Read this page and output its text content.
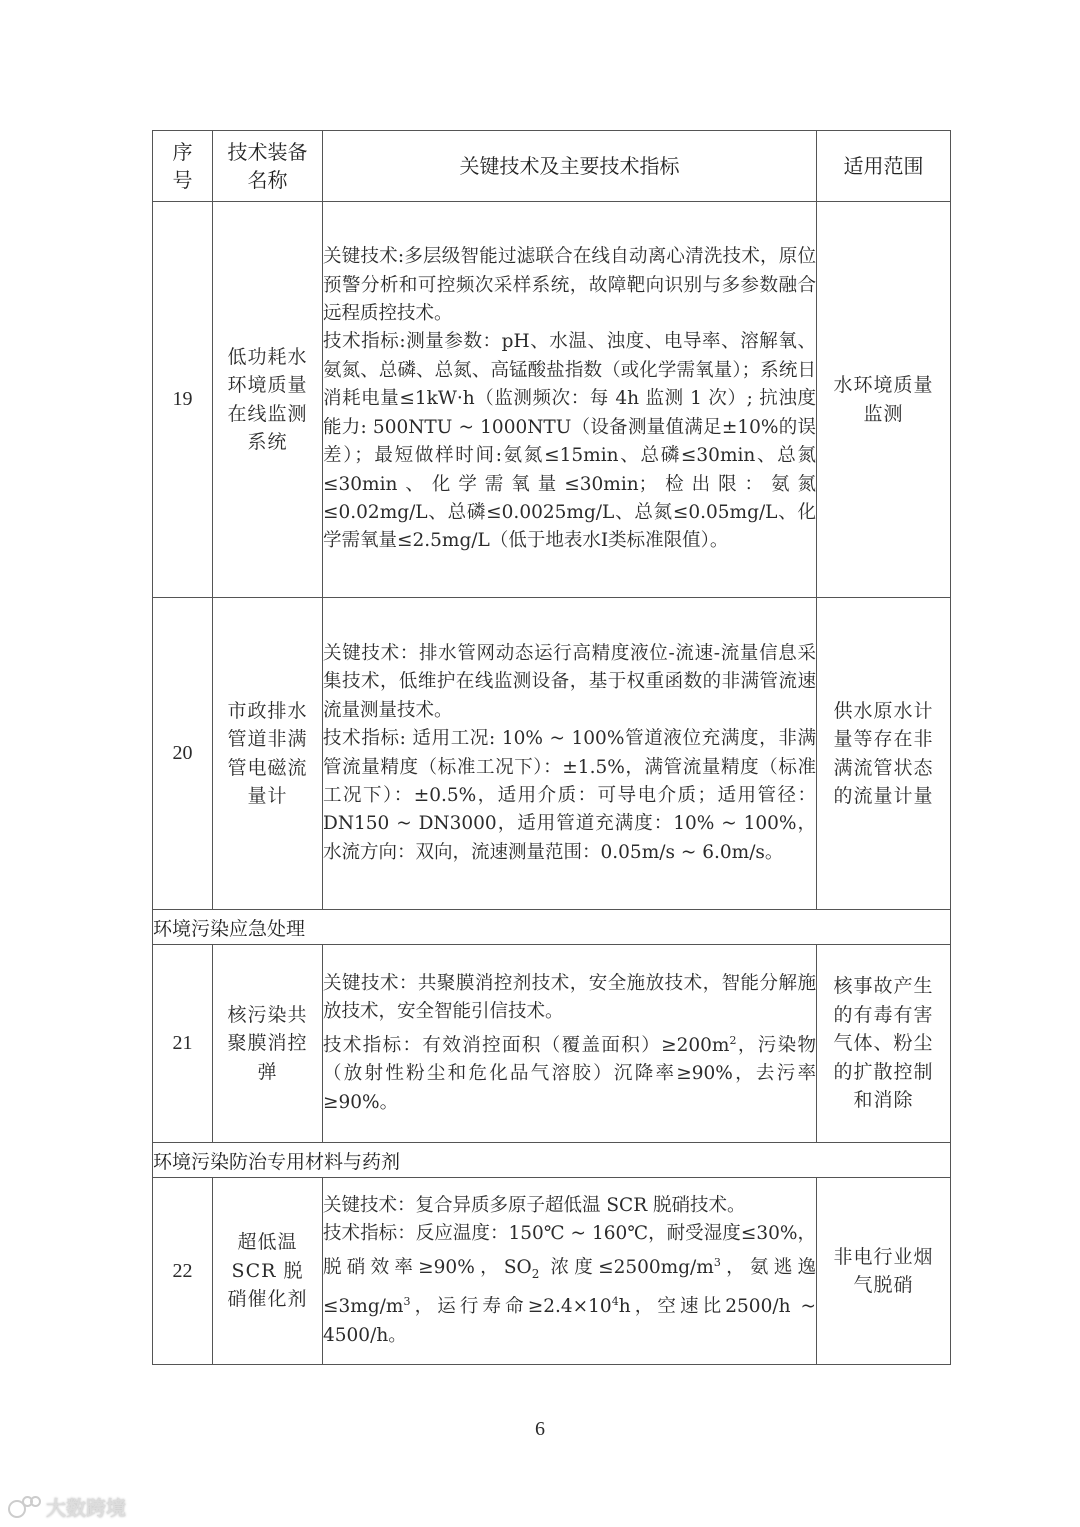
序号	技术装备名称	关键技术及主要技术指标	适用范围
19	低功耗水环境质量在线监测系统	关键技术:多层级智能过滤联合在线自动离心清洗技术，原位预警分析和可控频次采样系统，故障靶向识别与多参数融合远程质控技术。

技术指标:测量参数：pH、水温、浊度、电导率、溶解氧、氨氮、总磷、总氮、高锰酸盐指数（或化学需氧量）；系统日消耗电量≤1kW·h（监测频次：每 4h 监测 1 次）; 抗浊度能力: 500NTU ~ 1000NTU（设备测量值满足±10%的误差）；最短做样时间:氨氮≤15min、总磷≤30min、总氮≤30min、化学需氧量≤30min；检出限：氨氮≤0.02mg/L、总磷≤0.0025mg/L、总氮≤0.05mg/L、化学需氧量≤2.5mg/L（低于地表水I类标准限值）。	水环境质量监测

20	市政排水管道非满管电磁流量计	关键技术：排水管网动态运行高精度液位-流速-流量信息采集技术，低维护在线监测设备，基于权重函数的非满管流速流量测量技术。

技术指标: 适用工况: 10% ~ 100%管道液位充满度，非满管流量精度（标准工况下）：±1.5%，满管流量精度（标准工况下）：±0.5%，适用介质：可导电介质；适用管径：DN150 ~ DN3000，适用管道充满度：10% ~ 100%，水流方向：双向，流速测量范围：0.05m/s ~ 6.0m/s。	供水原水计量等存在非满流管状态的流量计量

环境污染应急处理			
21	核污染共聚膜消控弹	关键技术：共聚膜消控剂技术，安全施放技术，智能分解施放技术，安全智能引信技术。

技术指标：有效消控面积（覆盖面积）$\ge 200m^2$，污染物（放射性粉尘和危化品气溶胶）沉降率≥90%，去污率≥90%。	核事故产生的有毒有害气体、粉尘的扩散控制和消除

环境污染防治专用材料与药剂			
22	超低温SCR 脱硝催化剂	关键技术：复合异质多原子超低温 SCR 脱硝技术。

技术指标：反应温度：150℃ ~ 160℃，耐受湿度≤30%，脱硝效率≥90%，$SO_2$ 浓度$\le 2500mg/m^3$，氨逃逸$\le 3mg/m^3$，运行寿命$\ge 2.4\times 10^4h$，空速比2500/h ~ 4500/h。	非电行业烟气脱硝
6
大数跨境
